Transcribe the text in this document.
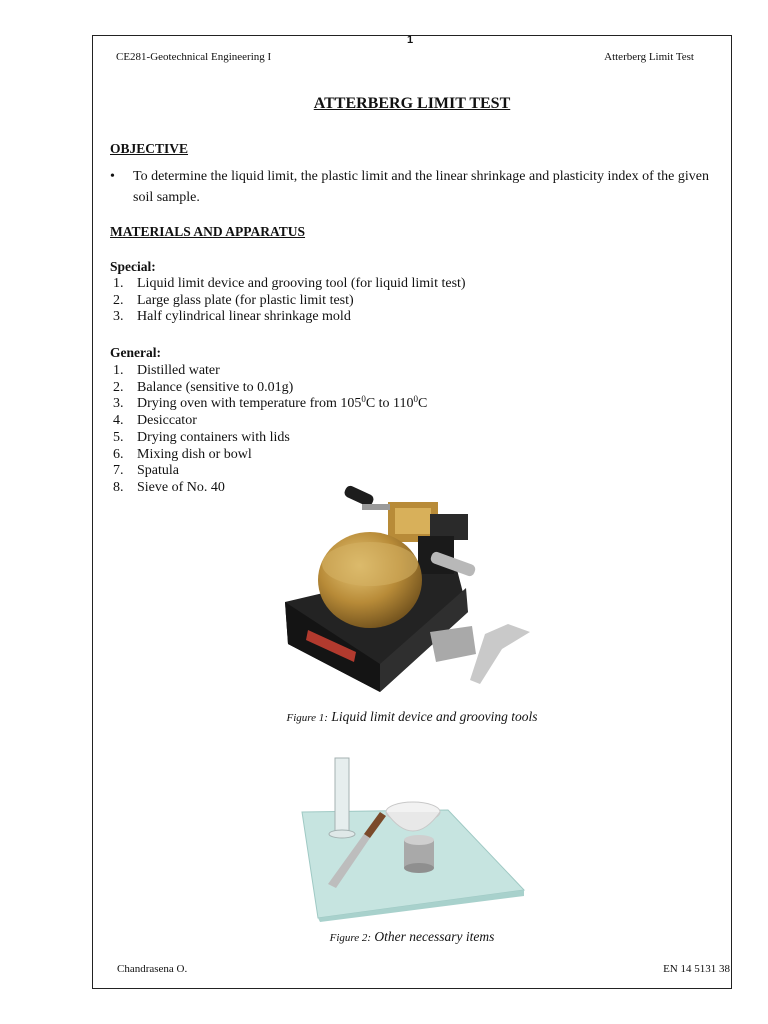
1
CE281-Geotechnical Engineering I	Atterberg Limit Test
ATTERBERG LIMIT TEST
OBJECTIVE
• To determine the liquid limit, the plastic limit and the linear shrinkage and plasticity index of the given soil sample.
MATERIALS AND APPARATUS
Special:
1. Liquid limit device and grooving tool (for liquid limit test)
2. Large glass plate (for plastic limit test)
3. Half cylindrical linear shrinkage mold
General:
1. Distilled water
2. Balance (sensitive to 0.01g)
3. Drying oven with temperature from $105^0C$ to $110^0C$
4. Desiccator
5. Drying containers with lids
6. Mixing dish or bowl
7. Spatula
8. Sieve of No. 40
Figure 1: Liquid limit device and grooving tools
Figure 2: Other necessary items
Chandrasena O.	EN 14 5131 38
